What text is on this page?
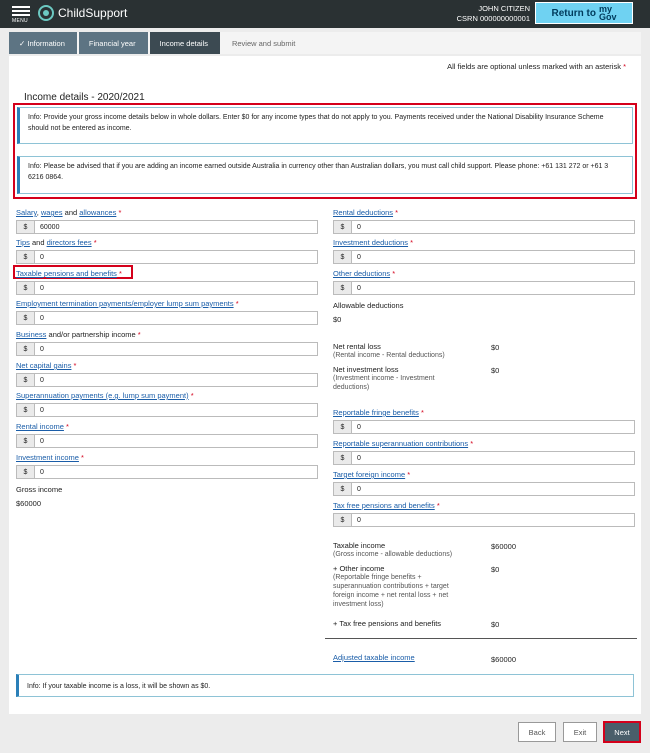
MENU
ChildSupport	JOHN CITIZEN
CSRN 000000000001 Return to my
Gov
✓ Information	Financial year	Income details	Review and submit
All fields are optional unless marked with an asterisk *
Income details - 2020/2021
Info: Provide your gross income details below in whole dollars. Enter $0 for any income types that do not apply to you. Payments received under the National Disability Insurance Scheme should not be entered as income.
Info: Please be advised that if you are adding an income earned outside Australia in currency other than Australian dollars, you must call child support. Please phone: +61 131 272 or +61 3 6216 0864.
Salary, wages and allowances *
$	60000
Tips and directors fees *
$	0
Taxable pensions and benefits *
$	0
Employment termination payments/employer lump sum payments *
$	0
Business and/or partnership income *
$	0
Net capital gains *
$	0
Superannuation payments (e.g. lump sum payment) *
$	0
Rental income *
$	0
Investment income *
$	0
Gross income
$60000
Rental deductions *
$	0
Investment deductions *
$	0
Other deductions *
$	0
Allowable deductions
$0
Net rental loss
(Rental income - Rental deductions)
$0
Net investment loss
(Investment income - Investment
deductions)
$0
Reportable fringe benefits *
$	0
Reportable superannuation contributions *
$	0
Target foreign income *
$	0
Tax free pensions and benefits *
$	0
Taxable income
(Gross income - allowable deductions)
$60000
+ Other income
(Reportable fringe benefits +
superannuation contributions + target
foreign income + net rental loss + net
investment loss)
$0
+ Tax free pensions and benefits	$0
Adjusted taxable income	$60000
Info: If your taxable income is a loss, it will be shown as $0.
Back	Exit	Next
